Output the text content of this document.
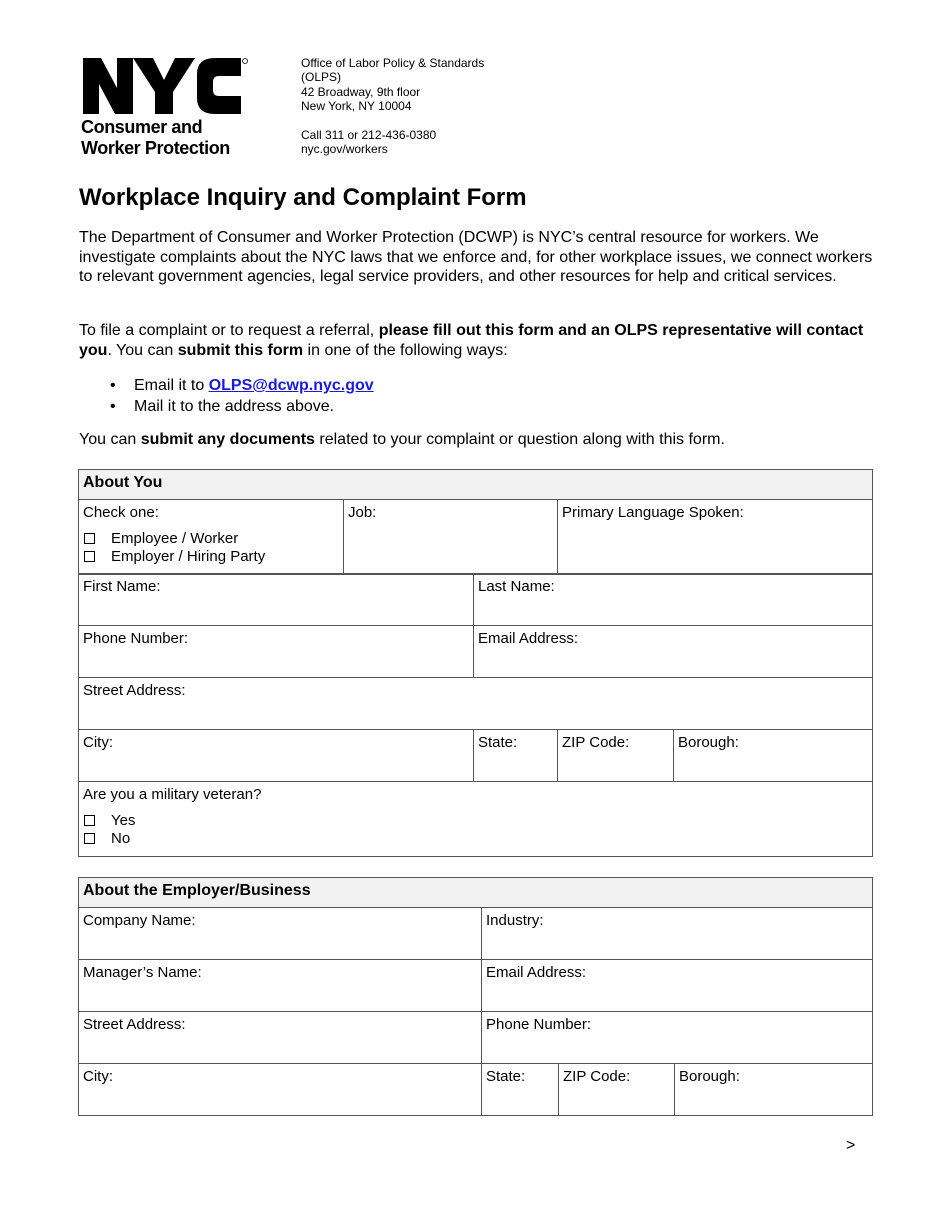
Consumer and
Worker Protection
Office of Labor Policy & Standards
(OLPS)
42 Broadway, 9th floor
New York, NY 10004
Call 311 or 212-436-0380
nyc.gov/workers
Workplace Inquiry and Complaint Form

The Department of Consumer and Worker Protection (DCWP) is NYC’s central resource for workers. We investigate complaints about the NYC laws that we enforce and, for other workplace issues, we connect workers to relevant government agencies, legal service providers, and other resources for help and critical services.

To file a complaint or to request a referral, please fill out this form and an OLPS representative will contact you. You can submit this form in one of the following ways:

• Email it to OLPS@dcwp.nyc.gov
• Mail it to the address above.

You can submit any documents related to your complaint or question along with this form.

About You

Check one:
Employee / Worker
Employer / Hiring Party
	Job:	Primary Language Spoken:
First Name:	Last Name:		
Phone Number:	Email Address:		
Street Address:			
City:	State:	ZIP Code:	Borough:

Are you a military veteran?
Yes
No			
About the Employer/Business			
Company Name:	Industry:		
Manager’s Name:	Email Address:		
Street Address:	Phone Number:		
City:	State:	ZIP Code:	Borough:
>
